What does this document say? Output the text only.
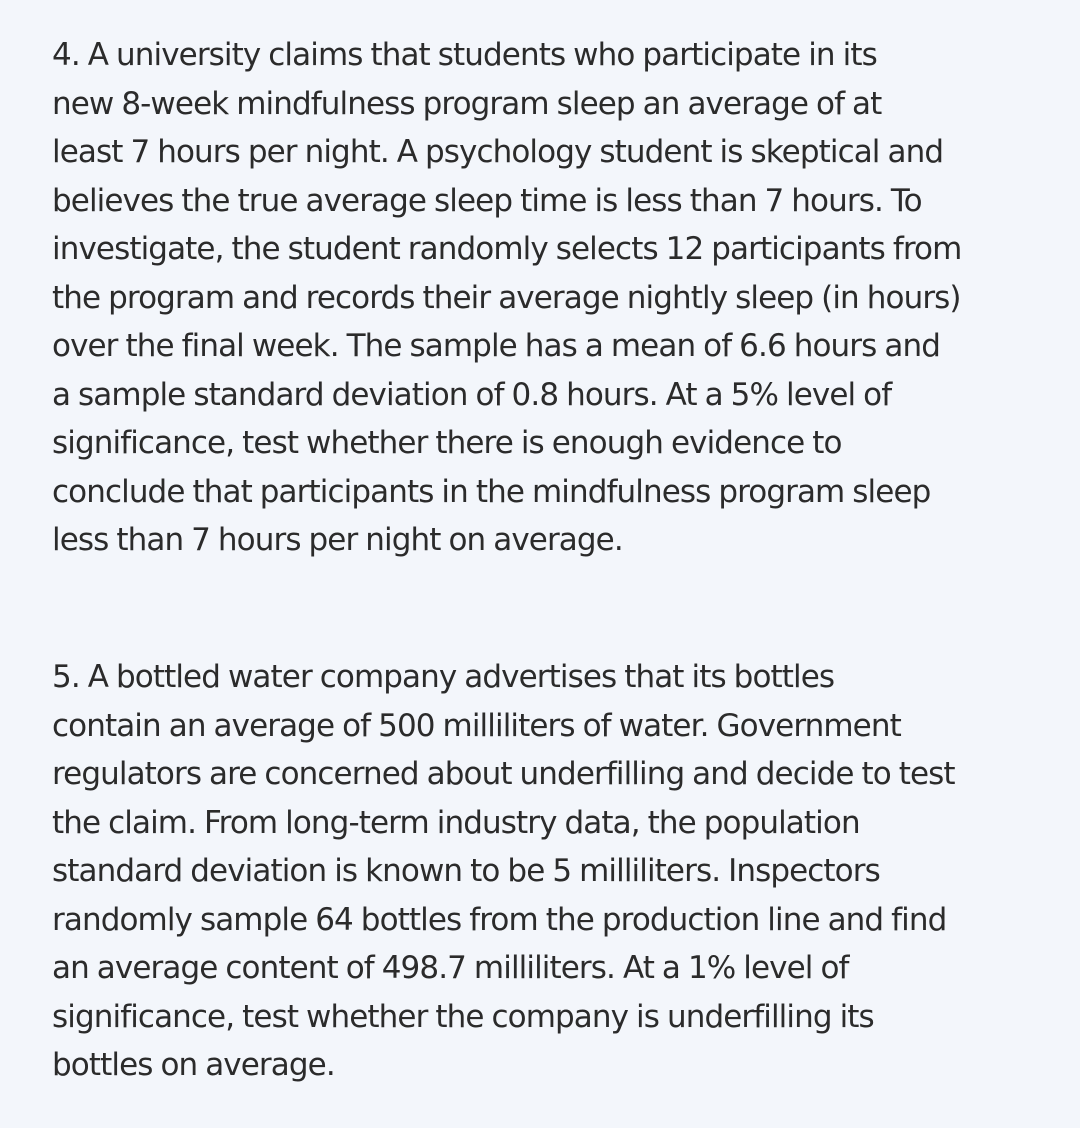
4. A university claims that students who participate in its
new 8-week mindfulness program sleep an average of at
least 7 hours per night. A psychology student is skeptical and
believes the true average sleep time is less than 7 hours. To
investigate, the student randomly selects 12 participants from
the program and records their average nightly sleep (in hours)
over the final week. The sample has a mean of 6.6 hours and
a sample standard deviation of 0.8 hours. At a 5% level of
significance, test whether there is enough evidence to
conclude that participants in the mindfulness program sleep
less than 7 hours per night on average.

5. A bottled water company advertises that its bottles
contain an average of 500 milliliters of water. Government
regulators are concerned about underfilling and decide to test
the claim. From long-term industry data, the population
standard deviation is known to be 5 milliliters. Inspectors
randomly sample 64 bottles from the production line and find
an average content of 498.7 milliliters. At a 1% level of
significance, test whether the company is underfilling its
bottles on average.
